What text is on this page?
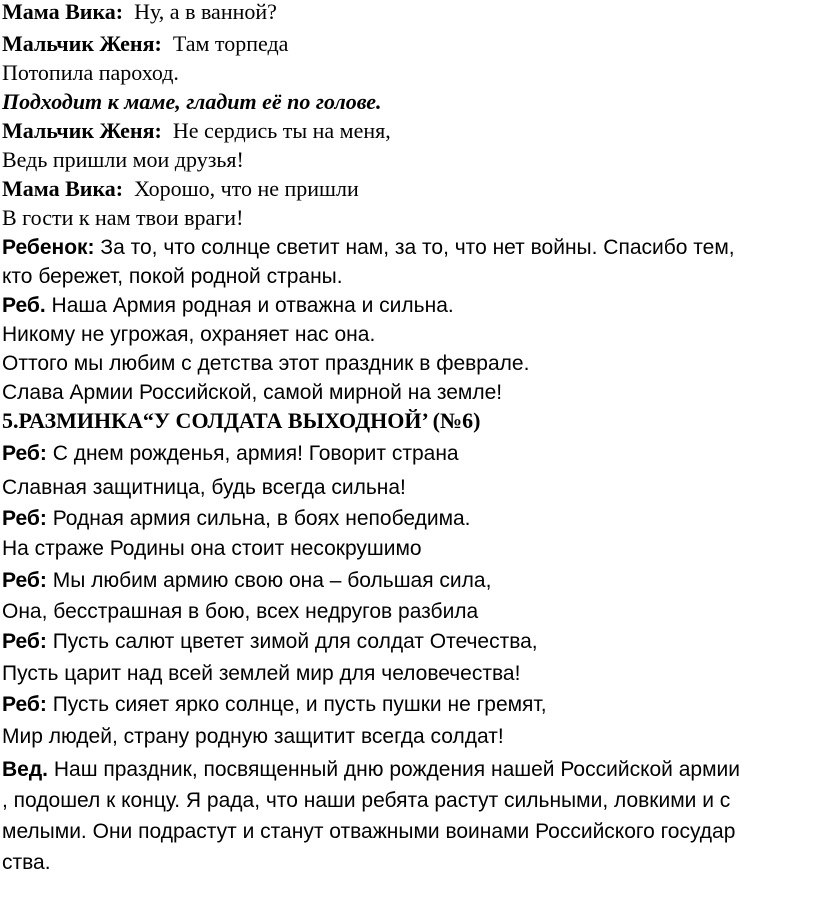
Мама Вика: Ну, а в ванной?
Мальчик Женя: Там торпеда
Потопила пароход.
Подходит к маме, гладит её по голове.
Мальчик Женя: Не сердись ты на меня,
Ведь пришли мои друзья!
Мама Вика: Хорошо, что не пришли
В гости к нам твои враги!
Ребенок: За то, что солнце светит нам, за то, что нет войны. Спасибо тем,
кто бережет, покой родной страны.
Реб. Наша Армия родная и отважна и сильна.
Никому не угрожая, охраняет нас она.
Оттого мы любим с детства этот праздник в феврале.
Слава Армии Российской, самой мирной на земле!
5.РАЗМИНКА“У СОЛДАТА ВЫХОДНОЙ’ (№6)
Реб: С днем рожденья, армия! Говорит страна
Славная защитница, будь всегда сильна!
Реб: Родная армия сильна, в боях непобедима.
На страже Родины она стоит несокрушимо
Реб: Мы любим армию свою она – большая сила,
Она, бесстрашная в бою, всех недругов разбила
Реб: Пусть салют цветет зимой для солдат Отечества,
Пусть царит над всей землей мир для человечества!
Реб: Пусть сияет ярко солнце, и пусть пушки не гремят,
Мир людей, страну родную защитит всегда солдат!
Вед. Наш праздник, посвященный дню рождения нашей Российской армии
, подошел к концу. Я рада, что наши ребята растут сильными, ловкими и с
мелыми. Они подрастут и станут отважными воинами Российского государ
ства.
